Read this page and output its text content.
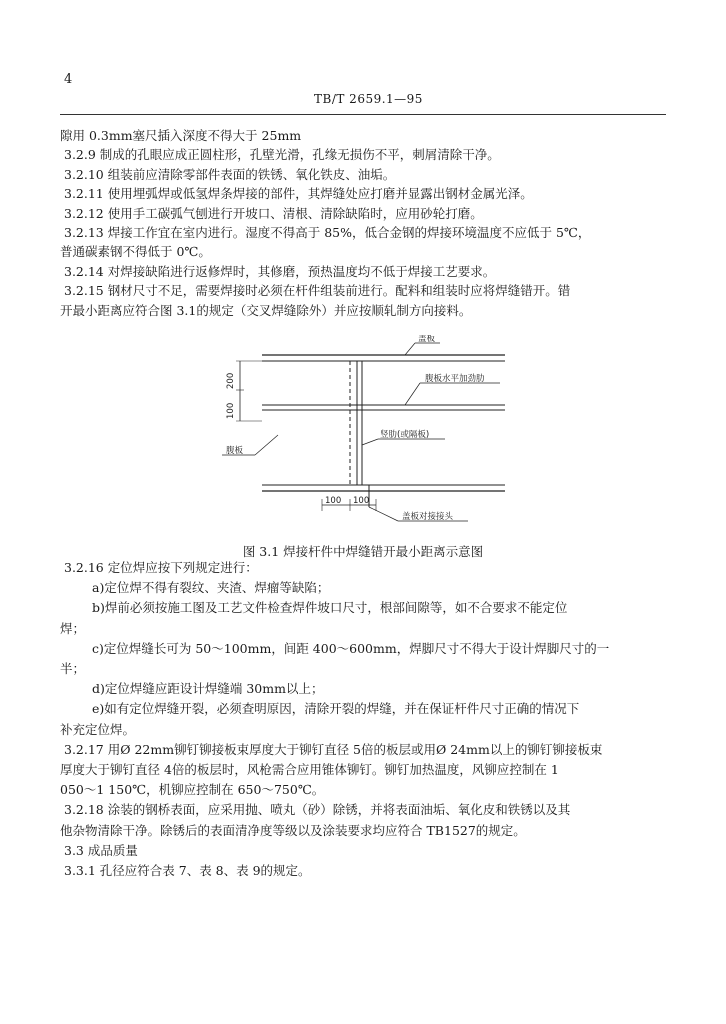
4
TB/T 2659.1—95

隙用 0.3mm塞尺插入深度不得大于 25mm

3.2.9 制成的孔眼应成正圆柱形，孔壁光滑，孔缘无损伤不平，刺屑清除干净。

3.2.10 组装前应清除零部件表面的铁锈、氧化铁皮、油垢。

3.2.11 使用埋弧焊或低氢焊条焊接的部件，其焊缝处应打磨并显露出钢材金属光泽。

3.2.12 使用手工碳弧气刨进行开坡口、清根、清除缺陷时，应用砂轮打磨。

3.2.13 焊接工作宜在室内进行。湿度不得高于 85%，低合金钢的焊接环境温度不应低于 5℃，

普通碳素钢不得低于 0℃。

3.2.14 对焊接缺陷进行返修焊时，其修磨，预热温度均不低于焊接工艺要求。

3.2.15 钢材尺寸不足，需要焊接时必须在杆件组装前进行。配料和组装时应将焊缝错开。错

开最小距离应符合图 3.1的规定（交叉焊缝除外）并应按顺轧制方向接料。

100
200
100 100
盖板
腹板水平加劲肋
竖肋(或隔板)
腹板
盖板对接接头
图 3.1 焊接杆件中焊缝错开最小距离示意图

3.2.16 定位焊应按下列规定进行：

a)定位焊不得有裂纹、夹渣、焊瘤等缺陷；

b)焊前必须按施工图及工艺文件检查焊件坡口尺寸，根部间隙等，如不合要求不能定位

焊；

c)定位焊缝长可为 50～100mm，间距 400～600mm，焊脚尺寸不得大于设计焊脚尺寸的一

半；

d)定位焊缝应距设计焊缝端 30mm以上；

e)如有定位焊缝开裂，必须查明原因，清除开裂的焊缝，并在保证杆件尺寸正确的情况下

补充定位焊。

3.2.17 用Ø 22mm铆钉铆接板束厚度大于铆钉直径 5倍的板层或用Ø 24mm以上的铆钉铆接板束

厚度大于铆钉直径 4倍的板层时，风枪需合应用锥体铆钉。铆钉加热温度，风铆应控制在 1

050～1 150℃，机铆应控制在 650～750℃。

3.2.18 涂装的钢桥表面，应采用抛、喷丸（砂）除锈，并将表面油垢、氧化皮和铁锈以及其

他杂物清除干净。除锈后的表面清净度等级以及涂装要求均应符合 TB1527的规定。

3.3 成品质量

3.3.1 孔径应符合表 7、表 8、表 9的规定。
